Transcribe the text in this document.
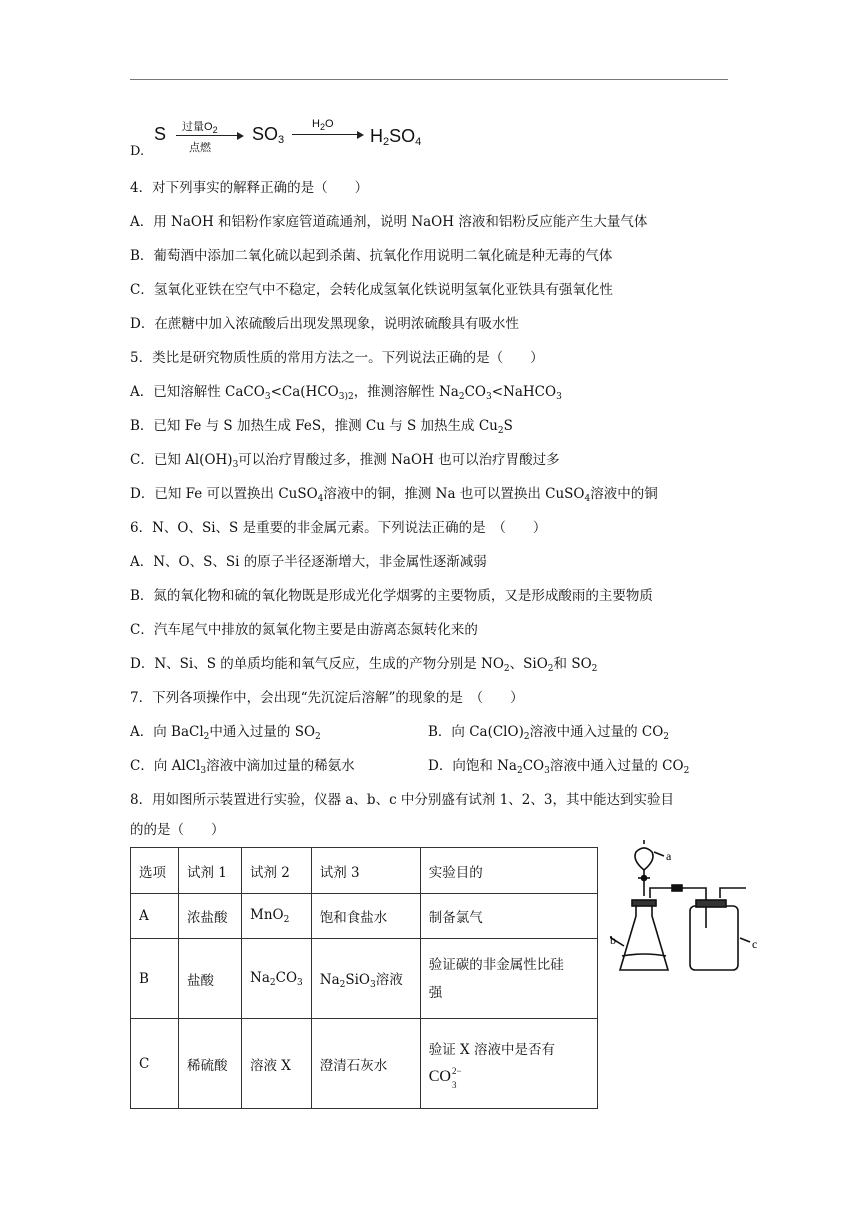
D.
S 过量$O_2$
点燃
$SO_3$
$H_2O$
$H_2SO_4$
4．对下列事实的解释正确的是（　　）
A．用 NaOH 和铝粉作家庭管道疏通剂，说明 NaOH 溶液和铝粉反应能产生大量气体
B．葡萄酒中添加二氧化硫以起到杀菌、抗氧化作用说明二氧化硫是种无毒的气体
C．氢氧化亚铁在空气中不稳定，会转化成氢氧化铁说明氢氧化亚铁具有强氧化性
D．在蔗糖中加入浓硫酸后出现发黑现象，说明浓硫酸具有吸水性
5．类比是研究物质性质的常用方法之一。下列说法正确的是（　　）
A．已知溶解性 $CaCO_3<Ca(HCO_{3)2}$，推测溶解性 $Na_2CO_3<NaHCO_3$
B．已知 Fe 与 S 加热生成 FeS，推测 Cu 与 S 加热生成 $Cu_2S$
C．已知 $Al(OH)_3$可以治疗胃酸过多，推测 NaOH 也可以治疗胃酸过多
D．已知 Fe 可以置换出 CuSO$_4$溶液中的铜，推测 Na 也可以置换出 CuSO$_4$溶液中的铜
6．N、O、Si、S 是重要的非金属元素。下列说法正确的是　（　　）
A．N、O、S、Si 的原子半径逐渐增大，非金属性逐渐减弱
B．氮的氧化物和硫的氧化物既是形成光化学烟雾的主要物质，又是形成酸雨的主要物质
C．汽车尾气中排放的氮氧化物主要是由游离态氮转化来的
D．N、Si、S 的单质均能和氧气反应，生成的产物分别是 $NO_2$、SiO$_2$和 $SO_2$
7．下列各项操作中，会出现“先沉淀后溶解”的现象的是　（　　）
A．向 BaCl$_2$中通入过量的 $SO_2$	B．向 $Ca(ClO)_2$溶液中通入过量的 $CO_2$
C．向 AlCl$_3$溶液中滴加过量的稀氨水	D．向饱和 $Na_2CO_3$溶液中通入过量的 $CO_2$
8．用如图所示装置进行实验，仪器 a、b、c 中分别盛有试剂 1、2、3，其中能达到实验目
的的是（　　）
选项	试剂 1	试剂 2	试剂 3	实验目的
A	浓盐酸	MnO$_2$	饱和食盐水	制备氯气
B	盐酸	$Na_2CO_3$	$Na_2SiO_3$溶液	验证碳的非金属性比硅
强

C	稀硫酸	溶液 X	澄清石灰水	验证 X 溶液中是否有
CO 2−
3
a
c
b
